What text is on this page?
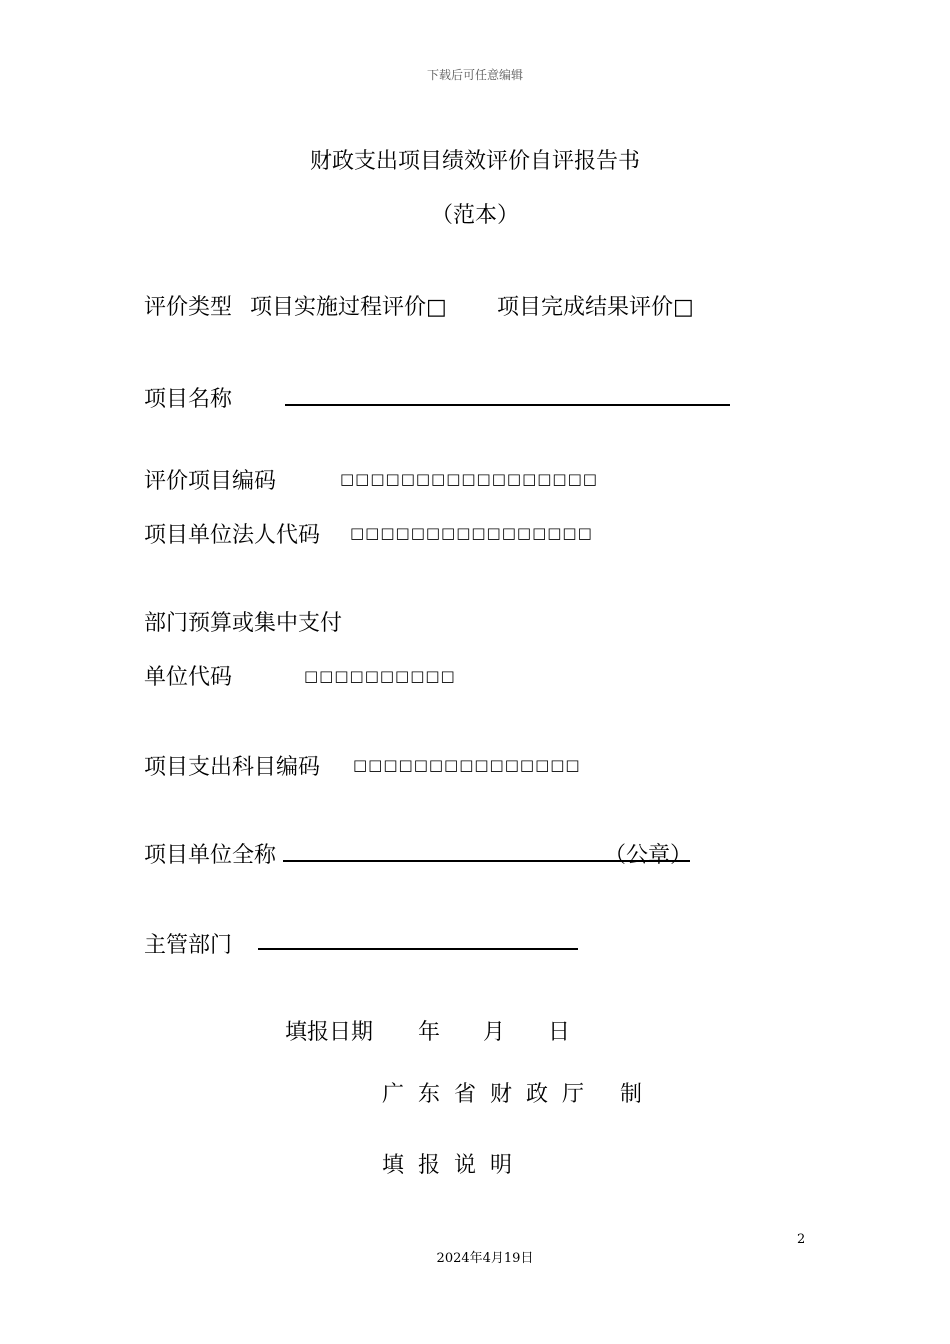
下载后可任意编辑
财政支出项目绩效评价自评报告书
（范本）
评价类型 项目实施过程评价□ 项目完成结果评价□
项目名称
评价项目编码	□□□□□□□□□□□□□□□□□
项目单位法人代码 □□□□□□□□□□□□□□□□
部门预算或集中支付
单位代码	□□□□□□□□□□
项目支出科目编码 □□□□□□□□□□□□□□□
项目单位全称	（公章）
主管部门
填报日期 年 月 日
广东省财政厅 制
填报说明
2
2024年4月19日
